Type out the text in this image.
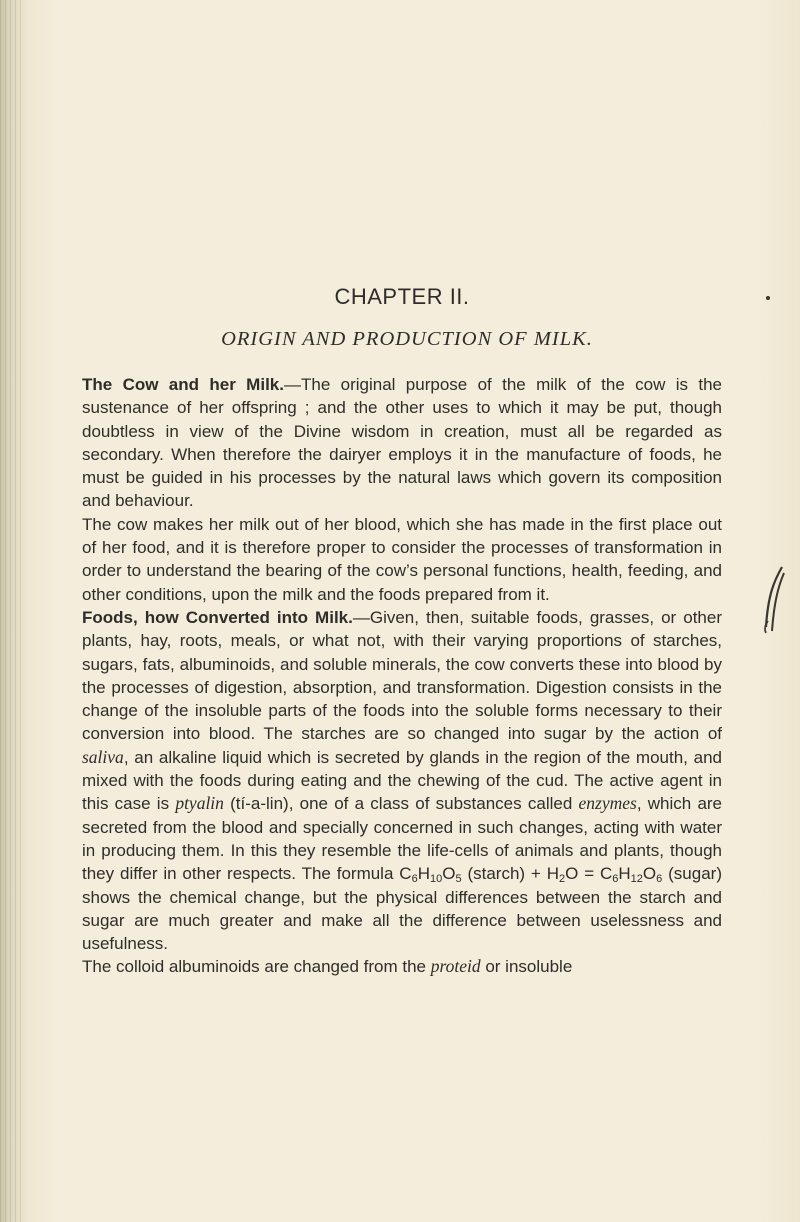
CHAPTER II.
ORIGIN AND PRODUCTION OF MILK.

The Cow and her Milk.—The original purpose of the milk of the cow is the sustenance of her offspring ; and the other uses to which it may be put, though doubtless in view of the Divine wisdom in creation, must all be regarded as secondary. When therefore the dairyer employs it in the manufacture of foods, he must be guided in his processes by the natural laws which govern its composition and behaviour.

The cow makes her milk out of her blood, which she has made in the first place out of her food, and it is therefore proper to consider the processes of transformation in order to understand the bearing of the cow’s personal functions, health, feeding, and other conditions, upon the milk and the foods prepared from it.

Foods, how Converted into Milk.—Given, then, suitable foods, grasses, or other plants, hay, roots, meals, or what not, with their varying proportions of starches, sugars, fats, albuminoids, and soluble minerals, the cow converts these into blood by the processes of digestion, absorption, and transformation. Digestion consists in the change of the insoluble parts of the foods into the soluble forms necessary to their conversion into blood. The starches are so changed into sugar by the action of saliva, an alkaline liquid which is secreted by glands in the region of the mouth, and mixed with the foods during eating and the chewing of the cud. The active agent in this case is ptyalin (tí-a-lin), one of a class of substances called enzymes, which are secreted from the blood and specially concerned in such changes, acting with water in producing them. In this they resemble the life-cells of animals and plants, though they differ in other respects. The formula $C_6H_{10}O_5$ (starch) + $H_2O = C_6H_{12}O_6$ (sugar) shows the chemical change, but the physical differences between the starch and sugar are much greater and make all the difference between uselessness and usefulness.

The colloid albuminoids are changed from the proteid or insoluble
